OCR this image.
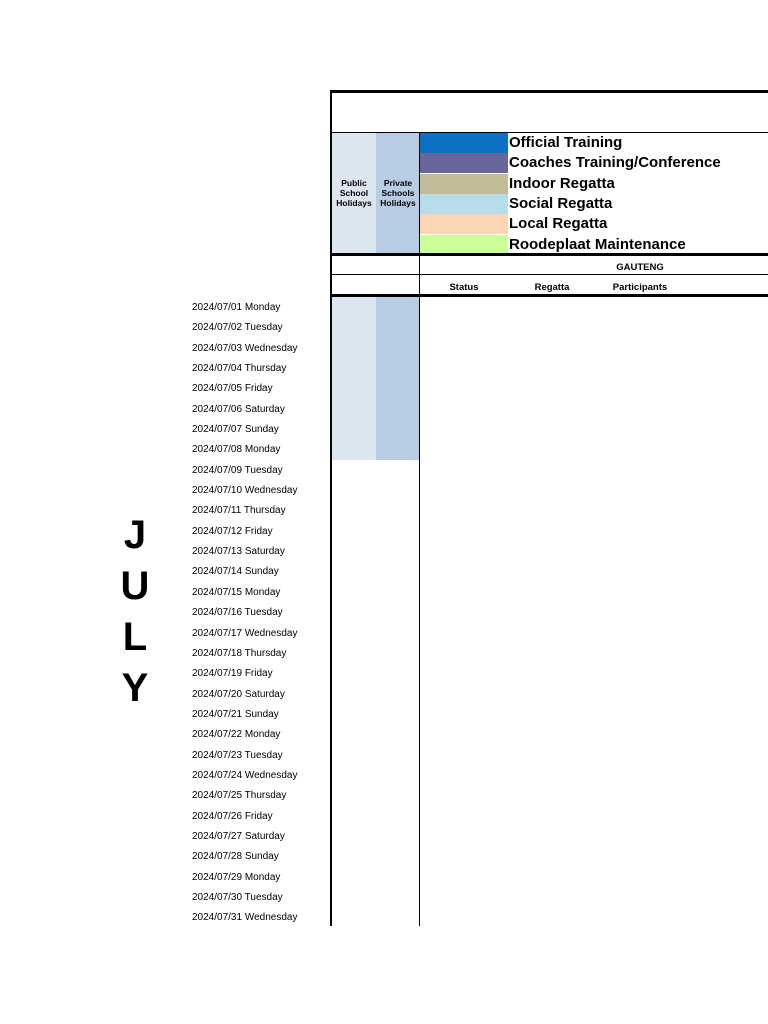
J
U
L
Y
2024/07/01 Monday
2024/07/02 Tuesday
2024/07/03 Wednesday
2024/07/04 Thursday
2024/07/05 Friday
2024/07/06 Saturday
2024/07/07 Sunday
2024/07/08 Monday
2024/07/09 Tuesday
2024/07/10 Wednesday
2024/07/11 Thursday
2024/07/12 Friday
2024/07/13 Saturday
2024/07/14 Sunday
2024/07/15 Monday
2024/07/16 Tuesday
2024/07/17 Wednesday
2024/07/18 Thursday
2024/07/19 Friday
2024/07/20 Saturday
2024/07/21 Sunday
2024/07/22 Monday
2024/07/23 Tuesday
2024/07/24 Wednesday
2024/07/25 Thursday
2024/07/26 Friday
2024/07/27 Saturday
2024/07/28 Sunday
2024/07/29 Monday
2024/07/30 Tuesday
2024/07/31 Wednesday
Public School Holidays
Private Schools Holidays
Official Training
Coaches Training/Conference
Indoor Regatta
Social Regatta
Local Regatta
Roodeplaat Maintenance
GAUTENG
Status	Regatta	Participants
